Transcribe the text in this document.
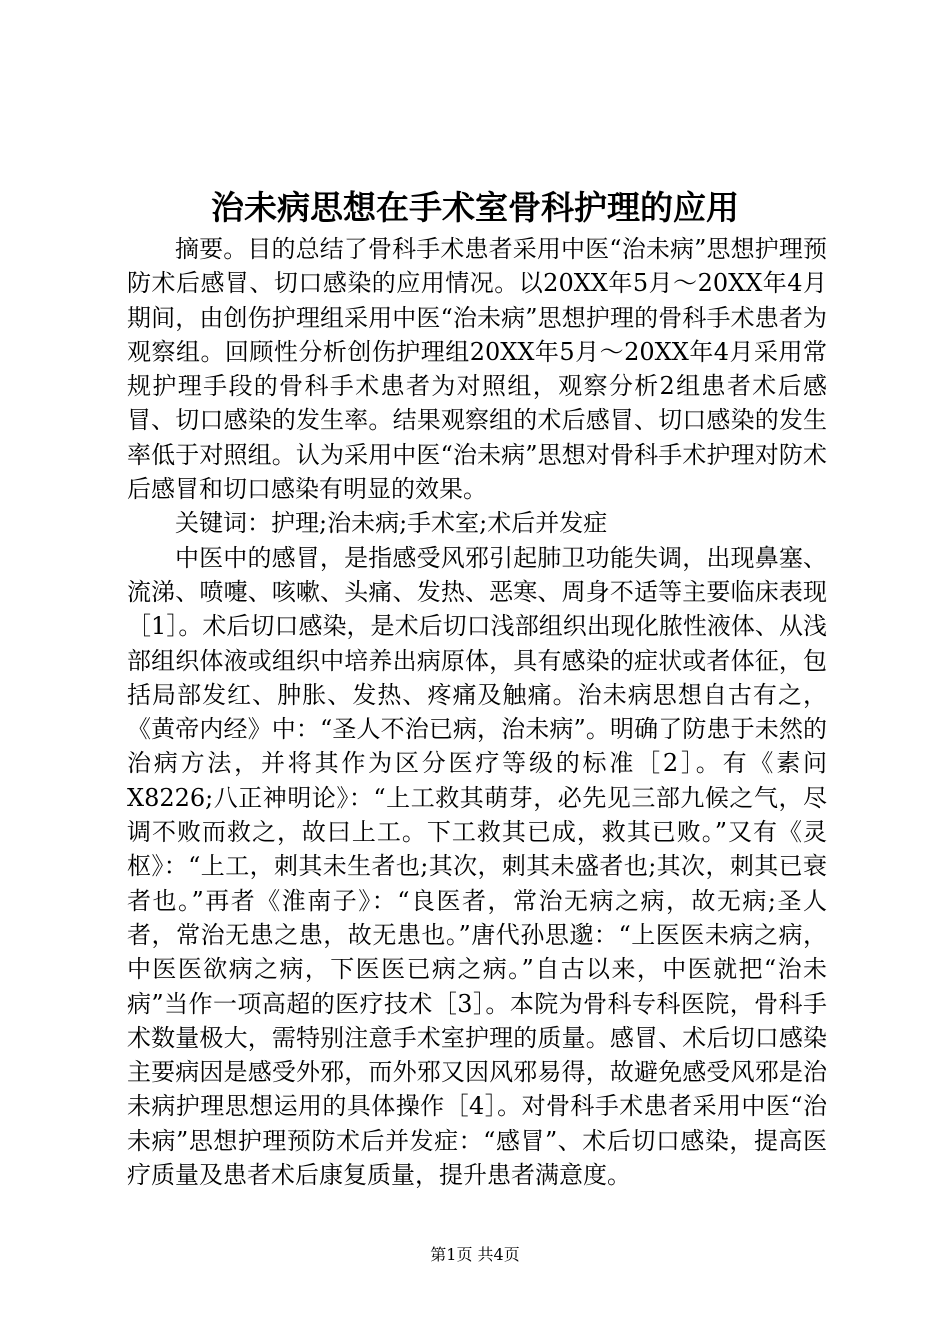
治未病思想在手术室骨科护理的应用

摘要。目的总结了骨科手术患者采用中医“治未病”思想护理预防术后感冒、切口感染的应用情况。以20XX年5月～20XX年4月期间，由创伤护理组采用中医“治未病”思想护理的骨科手术患者为观察组。回顾性分析创伤护理组20XX年5月～20XX年4月采用常规护理手段的骨科手术患者为对照组，观察分析2组患者术后感冒、切口感染的发生率。结果观察组的术后感冒、切口感染的发生率低于对照组。认为采用中医“治未病”思想对骨科手术护理对防术后感冒和切口感染有明显的效果。

关键词：护理;治未病;手术室;术后并发症

中医中的感冒，是指感受风邪引起肺卫功能失调，出现鼻塞、流涕、喷嚏、咳嗽、头痛、发热、恶寒、周身不适等主要临床表现［1］。术后切口感染，是术后切口浅部组织出现化脓性液体、从浅部组织体液或组织中培养出病原体，具有感染的症状或者体征，包括局部发红、肿胀、发热、疼痛及触痛。治未病思想自古有之，《黄帝内经》中：“圣人不治已病，治未病”。明确了防患于未然的治病方法，并将其作为区分医疗等级的标准［2］。有《素问X8226;八正神明论》：“上工救其萌芽，必先见三部九候之气，尽调不败而救之，故曰上工。下工救其已成，救其已败。”又有《灵枢》：“上工，刺其未生者也;其次，刺其未盛者也;其次，刺其已衰者也。”再者《淮南子》：“良医者，常治无病之病，故无病;圣人者，常治无患之患，故无患也。”唐代孙思邈：“上医医未病之病，中医医欲病之病，下医医已病之病。”自古以来，中医就把“治未病”当作一项高超的医疗技术［3］。本院为骨科专科医院，骨科手术数量极大，需特别注意手术室护理的质量。感冒、术后切口感染主要病因是感受外邪，而外邪又因风邪易得，故避免感受风邪是治未病护理思想运用的具体操作［4］。对骨科手术患者采用中医“治未病”思想护理预防术后并发症：“感冒”、术后切口感染，提高医疗质量及患者术后康复质量，提升患者满意度。

第1页 共4页
